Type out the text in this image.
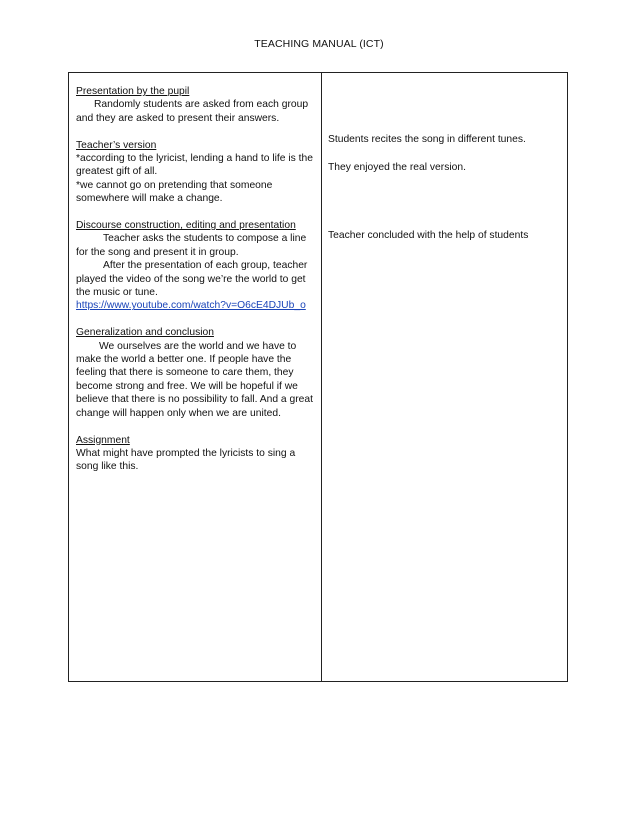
TEACHING MANUAL (ICT)
Presentation by the pupil
Randomly students are asked from each group and they are asked to present their answers.
Teacher’s version
*according to the lyricist, lending a hand to life is the greatest gift of all.
*we cannot go on pretending that someone somewhere will make a change.
Discourse construction, editing and presentation
Teacher asks the students to compose a line for the song and present it in group.
After the presentation of each group, teacher played the video of the song we’re the world to get the music or tune.
https://www.youtube.com/watch?v=O6cE4DJUb_o
Generalization and conclusion
We ourselves are the world and we have to make the world a better one. If people have the feeling that there is someone to care them, they become strong and free. We will be hopeful if we believe that there is no possibility to fall. And a great change will happen only when we are united.
Assignment
What might have prompted the lyricists to sing a song like this.
Students recites the song in different tunes.
They enjoyed the real version.
Teacher concluded with the help of students
